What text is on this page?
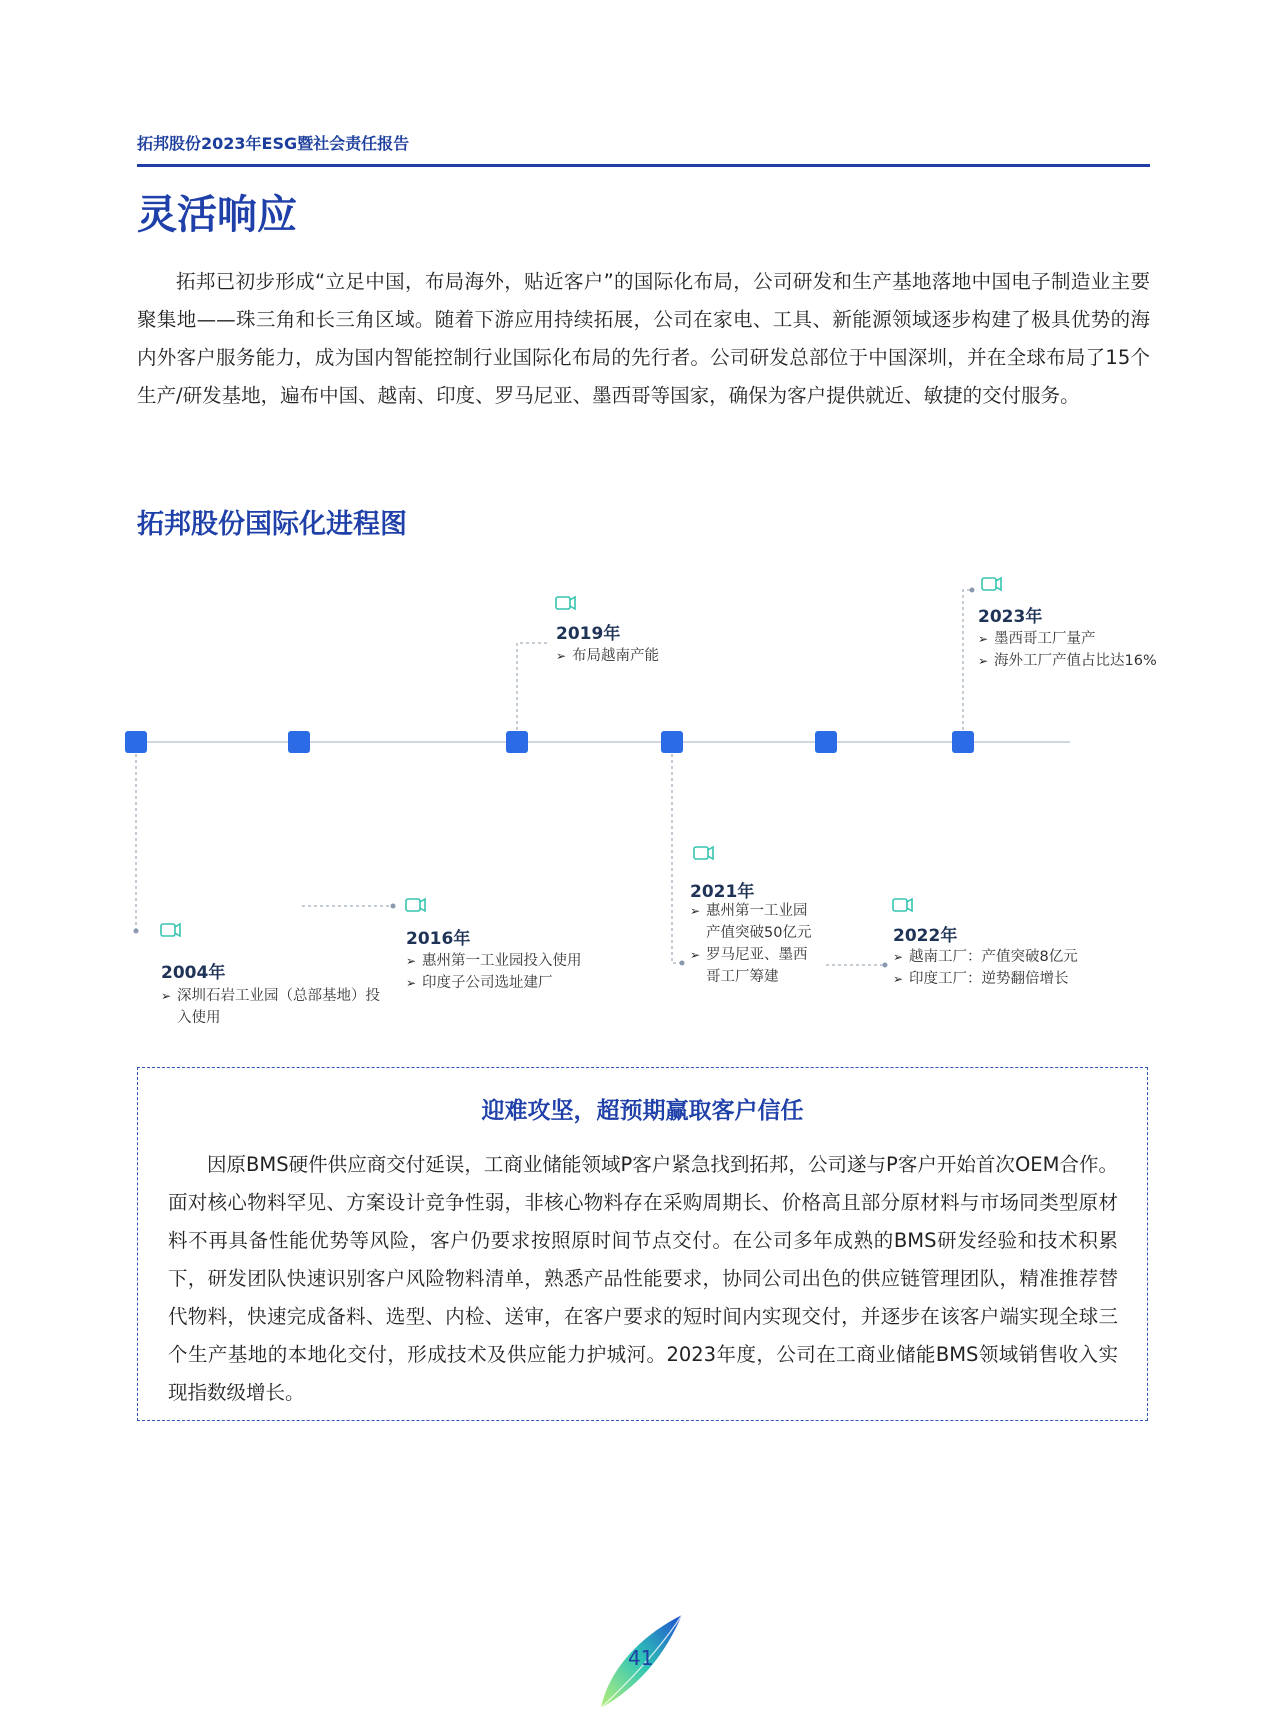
拓邦股份2023年ESG暨社会责任报告
灵活响应

拓邦已初步形成“立足中国，布局海外，贴近客户”的国际化布局，公司研发和生产基地落地中国电子制造业主要聚集地——珠三角和长三角区域。随着下游应用持续拓展，公司在家电、工具、新能源领域逐步构建了极具优势的海内外客户服务能力，成为国内智能控制行业国际化布局的先行者。公司研发总部位于中国深圳，并在全球布局了15个生产/研发基地，遍布中国、越南、印度、罗马尼亚、墨西哥等国家，确保为客户提供就近、敏捷的交付服务。

拓邦股份国际化进程图
2004年
➢ 深圳石岩工业园（总部基地）投入使用
2016年
➢ 惠州第一工业园投入使用
➢ 印度子公司选址建厂
2019年
➢ 布局越南产能
2021年
➢ 惠州第一工业园产值突破50亿元
➢ 罗马尼亚、墨西哥工厂筹建
2022年
➢ 越南工厂：产值突破8亿元
➢ 印度工厂：逆势翻倍增长
2023年
➢ 墨西哥工厂量产
➢ 海外工厂产值占比达16%
迎难攻坚，超预期赢取客户信任

因原BMS硬件供应商交付延误，工商业储能领域P客户紧急找到拓邦，公司遂与P客户开始首次OEM合作。面对核心物料罕见、方案设计竞争性弱，非核心物料存在采购周期长、价格高且部分原材料与市场同类型原材料不再具备性能优势等风险，客户仍要求按照原时间节点交付。在公司多年成熟的BMS研发经验和技术积累下，研发团队快速识别客户风险物料清单，熟悉产品性能要求，协同公司出色的供应链管理团队，精准推荐替代物料，快速完成备料、选型、内检、送审，在客户要求的短时间内实现交付，并逐步在该客户端实现全球三个生产基地的本地化交付，形成技术及供应能力护城河。2023年度，公司在工商业储能BMS领域销售收入实现指数级增长。

41
